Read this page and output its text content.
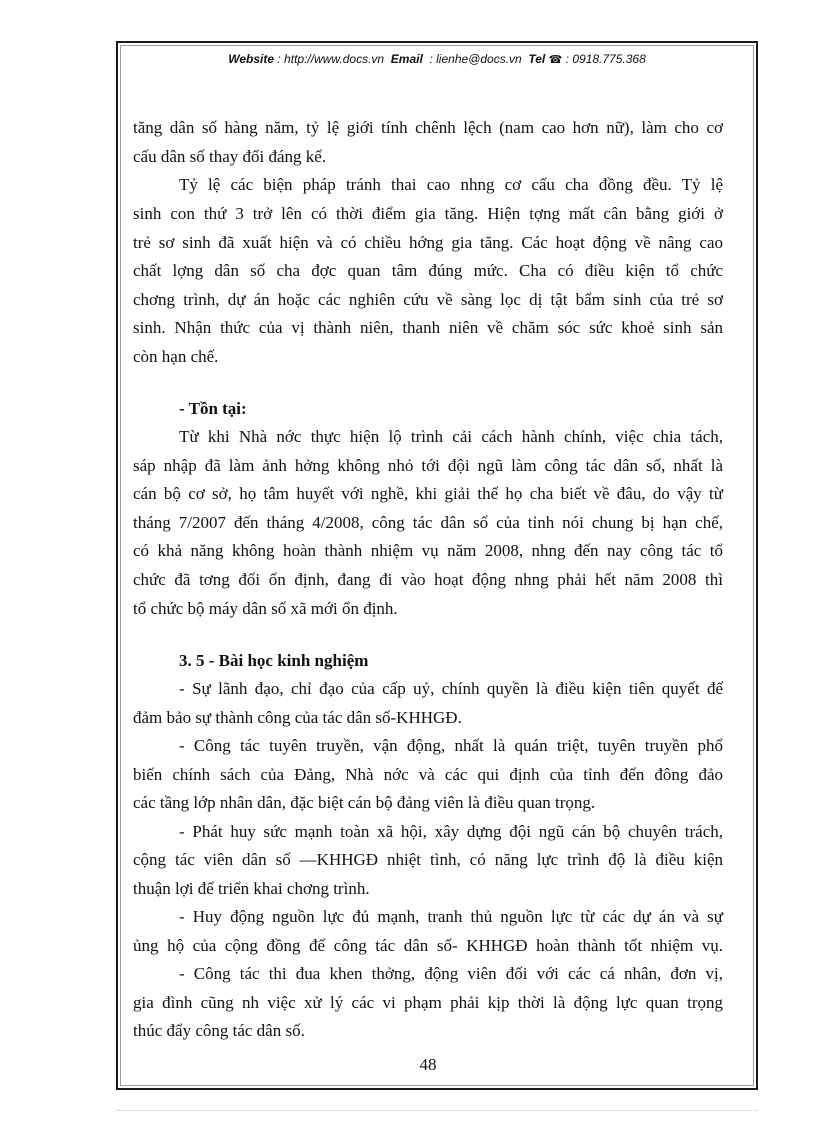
Website : http://www.docs.vn Email : lienhe@docs.vn Tel ☎ : 0918.775.368
tăng dân số hàng năm, tỷ lệ giới tính chênh lệch (nam cao hơn nữ), làm cho cơ
cấu dân số thay đổi đáng kể.
Tỷ lệ các biện pháp tránh thai cao nhng cơ cấu cha đồng đều. Tỷ lệ
sinh con thứ 3 trở lên có thời điểm gia tăng. Hiện tợng mất cân bằng giới ở
trẻ sơ sinh đã xuất hiện và có chiều hớng gia tăng. Các hoạt động về nâng cao
chất lợng dân số cha đợc quan tâm đúng mức. Cha có điều kiện tổ chức
chơng trình, dự án hoặc các nghiên cứu về sàng lọc dị tật bẩm sinh của trẻ sơ
sinh. Nhận thức của vị thành niên, thanh niên về chăm sóc sức khoẻ sinh sản
còn hạn chế.
- Tồn tại:
Từ khi Nhà nớc thực hiện lộ trình cải cách hành chính, việc chia tách,
sáp nhập đã làm ảnh hởng không nhỏ tới đội ngũ làm công tác dân số, nhất là
cán bộ cơ sở, họ tâm huyết với nghề, khi giải thể họ cha biết về đâu, do vậy từ
tháng 7/2007 đến tháng 4/2008, công tác dân số của tỉnh nói chung bị hạn chế,
có khả năng không hoàn thành nhiệm vụ năm 2008, nhng đến nay công tác tổ
chức đã tơng đối ổn định, đang đi vào hoạt động nhng phải hết năm 2008 thì
tổ chức bộ máy dân số xã mới ổn định.
3. 5 - Bài học kinh nghiệm
- Sự lãnh đạo, chỉ đạo của cấp uỷ, chính quyền là điều kiện tiên quyết để
đảm bảo sự thành công của tác dân số-KHHGĐ.
- Công tác tuyên truyền, vận động, nhất là quán triệt, tuyên truyền phổ
biến chính sách của Đảng, Nhà nớc và các qui định của tỉnh đến đông đảo
các tầng lớp nhân dân, đặc biệt cán bộ đảng viên là điều quan trọng.
- Phát huy sức mạnh toàn xã hội, xây dựng đội ngũ cán bộ chuyên trách,
cộng tác viên dân số —KHHGĐ nhiệt tình, có năng lực trình độ là điều kiện
thuận lợi để triển khai chơng trình.
- Huy động nguồn lực đủ mạnh, tranh thủ nguồn lực từ các dự án và sự
ủng hộ của cộng đồng để công tác dân số- KHHGĐ hoàn thành tốt nhiệm vụ.
- Công tác thi đua khen thởng, động viên đối với các cá nhân, đơn vị,
gia đình cũng nh việc xử lý các vi phạm phải kịp thời là động lực quan trọng
thúc đẩy công tác dân số.
48
